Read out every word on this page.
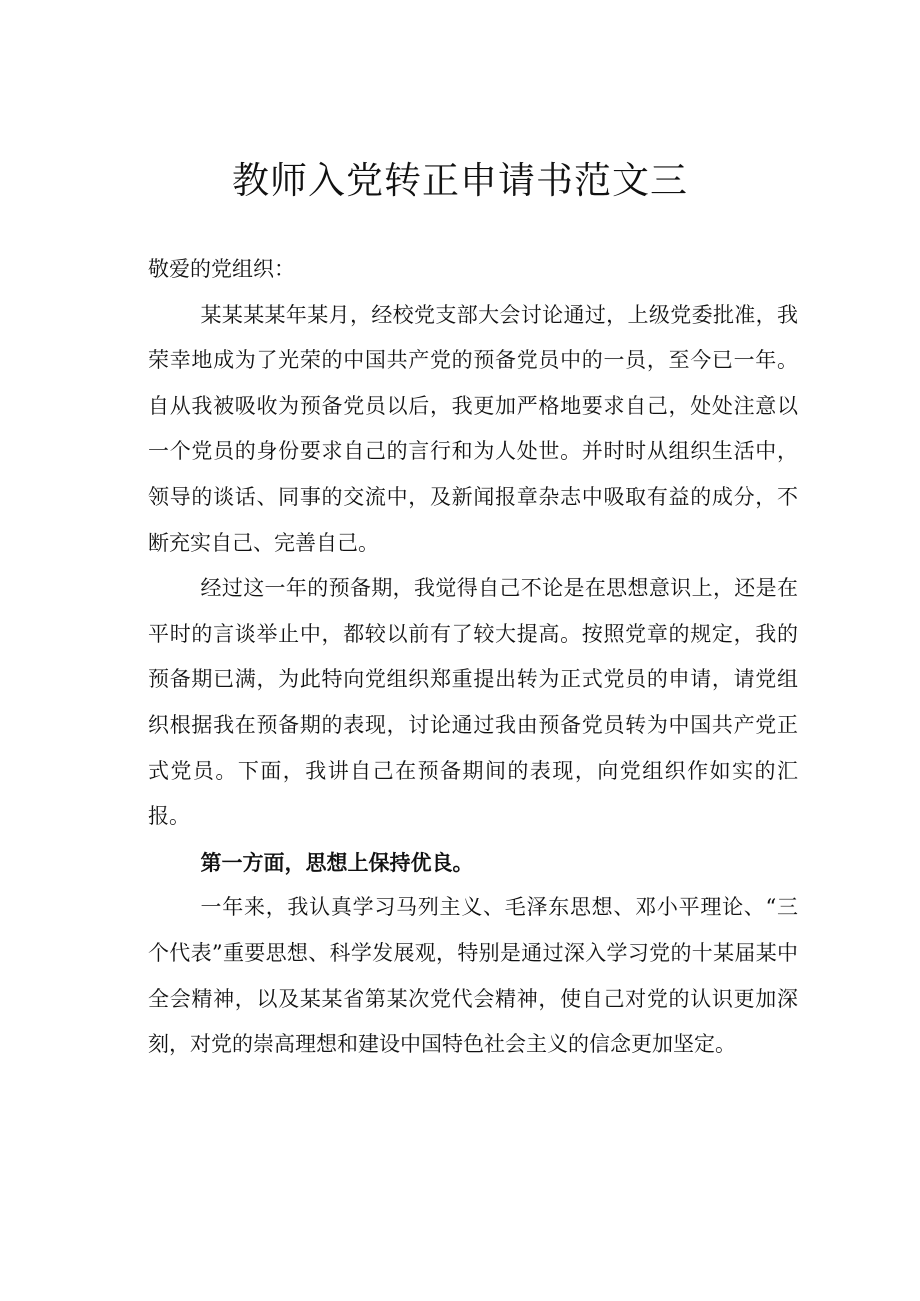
教师入党转正申请书范文三

敬爱的党组织：

某某某某年某月，经校党支部大会讨论通过，上级党委批准，我荣幸地成为了光荣的中国共产党的预备党员中的一员，至今已一年。自从我被吸收为预备党员以后，我更加严格地要求自己，处处注意以一个党员的身份要求自己的言行和为人处世。并时时从组织生活中，领导的谈话、同事的交流中，及新闻报章杂志中吸取有益的成分，不断充实自己、完善自己。

经过这一年的预备期，我觉得自己不论是在思想意识上，还是在平时的言谈举止中，都较以前有了较大提高。按照党章的规定，我的预备期已满，为此特向党组织郑重提出转为正式党员的申请，请党组织根据我在预备期的表现，讨论通过我由预备党员转为中国共产党正式党员。下面，我讲自己在预备期间的表现，向党组织作如实的汇报。

第一方面，思想上保持优良。

一年来，我认真学习马列主义、毛泽东思想、邓小平理论、“三个代表”重要思想、科学发展观，特别是通过深入学习党的十某届某中全会精神，以及某某省第某次党代会精神，使自己对党的认识更加深刻，对党的崇高理想和建设中国特色社会主义的信念更加坚定。
